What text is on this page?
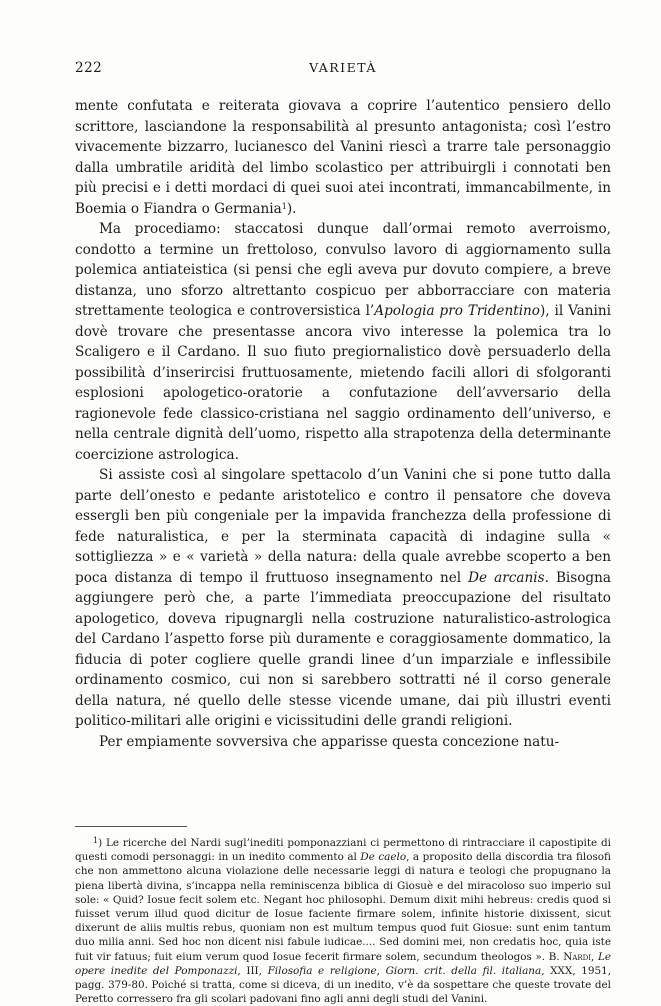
222	VARIETÀ

mente confutata e reiterata giovava a coprire l’autentico pensiero dello scrittore, lasciandone la responsabilità al presunto antagonista; così l’estro vivacemente bizzarro, lucianesco del Vanini riescì a trarre tale personaggio dalla umbratile aridità del limbo scolastico per attribuirgli i connotati ben più precisi e i detti mordaci di quei suoi atei incontrati, immancabilmente, in Boemia o Fiandra o Germania$^1$).

Ma procediamo: staccatosi dunque dall’ormai remoto averroismo, condotto a termine un frettoloso, convulso lavoro di aggiornamento sulla polemica antiateistica (si pensi che egli aveva pur dovuto compiere, a breve distanza, uno sforzo altrettanto cospicuo per abborracciare con materia strettamente teologica e controversistica l’Apologia pro Tridentino), il Vanini dovè trovare che presentasse ancora vivo interesse la polemica tra lo Scaligero e il Cardano. Il suo fiuto pregiornalistico dovè persuaderlo della possibilità d’inserircisi fruttuosamente, mietendo facili allori di sfolgoranti esplosioni apologetico-oratorie a confutazione dell’avversario della ragionevole fede classico-cristiana nel saggio ordinamento dell’universo, e nella centrale dignità dell’uomo, rispetto alla strapotenza della determinante coercizione astrologica.

Si assiste così al singolare spettacolo d’un Vanini che si pone tutto dalla parte dell’onesto e pedante aristotelico e contro il pensatore che doveva essergli ben più congeniale per la impavida franchezza della professione di fede naturalistica, e per la sterminata capacità di indagine sulla « sottigliezza » e « varietà » della natura: della quale avrebbe scoperto a ben poca distanza di tempo il fruttuoso insegnamento nel De arcanis. Bisogna aggiungere però che, a parte l’immediata preoccupazione del risultato apologetico, doveva ripugnargli nella costruzione naturalistico-astrologica del Cardano l’aspetto forse più duramente e coraggiosamente dommatico, la fiducia di poter cogliere quelle grandi linee d’un imparziale e inflessibile ordinamento cosmico, cui non si sarebbero sottratti né il corso generale della natura, né quello delle stesse vicende umane, dai più illustri eventi politico-militari alle origini e vicissitudini delle grandi religioni.

Per empiamente sovversiva che apparisse questa concezione natu-

$^1$) Le ricerche del Nardi sugl’inediti pomponazziani ci permettono di rintracciare il capostipite di questi comodi personaggi: in un inedito commento al De caelo, a proposito della discordia tra filosofi che non ammettono alcuna violazione delle necessarie leggi di natura e teologi che propugnano la piena libertà divina, s’incappa nella reminiscenza biblica di Giosuè e del miracoloso suo imperio sul sole: « Quid? Iosue fecit solem etc. Negant hoc philosophi. Demum dixit mihi hebreus: credis quod si fuisset verum illud quod dicitur de Iosue faciente firmare solem, infinite historie dixissent, sicut dixerunt de aliis multis rebus, quoniam non est multum tempus quod fuit Giosue: sunt enim tantum duo milia anni. Sed hoc non dicent nisi fabule iudicae.... Sed domini mei, non credatis hoc, quia iste fuit vir fatuus; fuit eium verum quod Iosue fecerit firmare solem, secundum theologos ». B. Nardi, Le opere inedite del Pomponazzi, III, Filosofia e religione, Giorn. crit. della fil. italiana, XXX, 1951, pagg. 379-80. Poiché si tratta, come si diceva, di un inedito, v’è da sospettare che queste trovate del Peretto corressero fra gli scolari padovani fino agli anni degli studi del Vanini.
